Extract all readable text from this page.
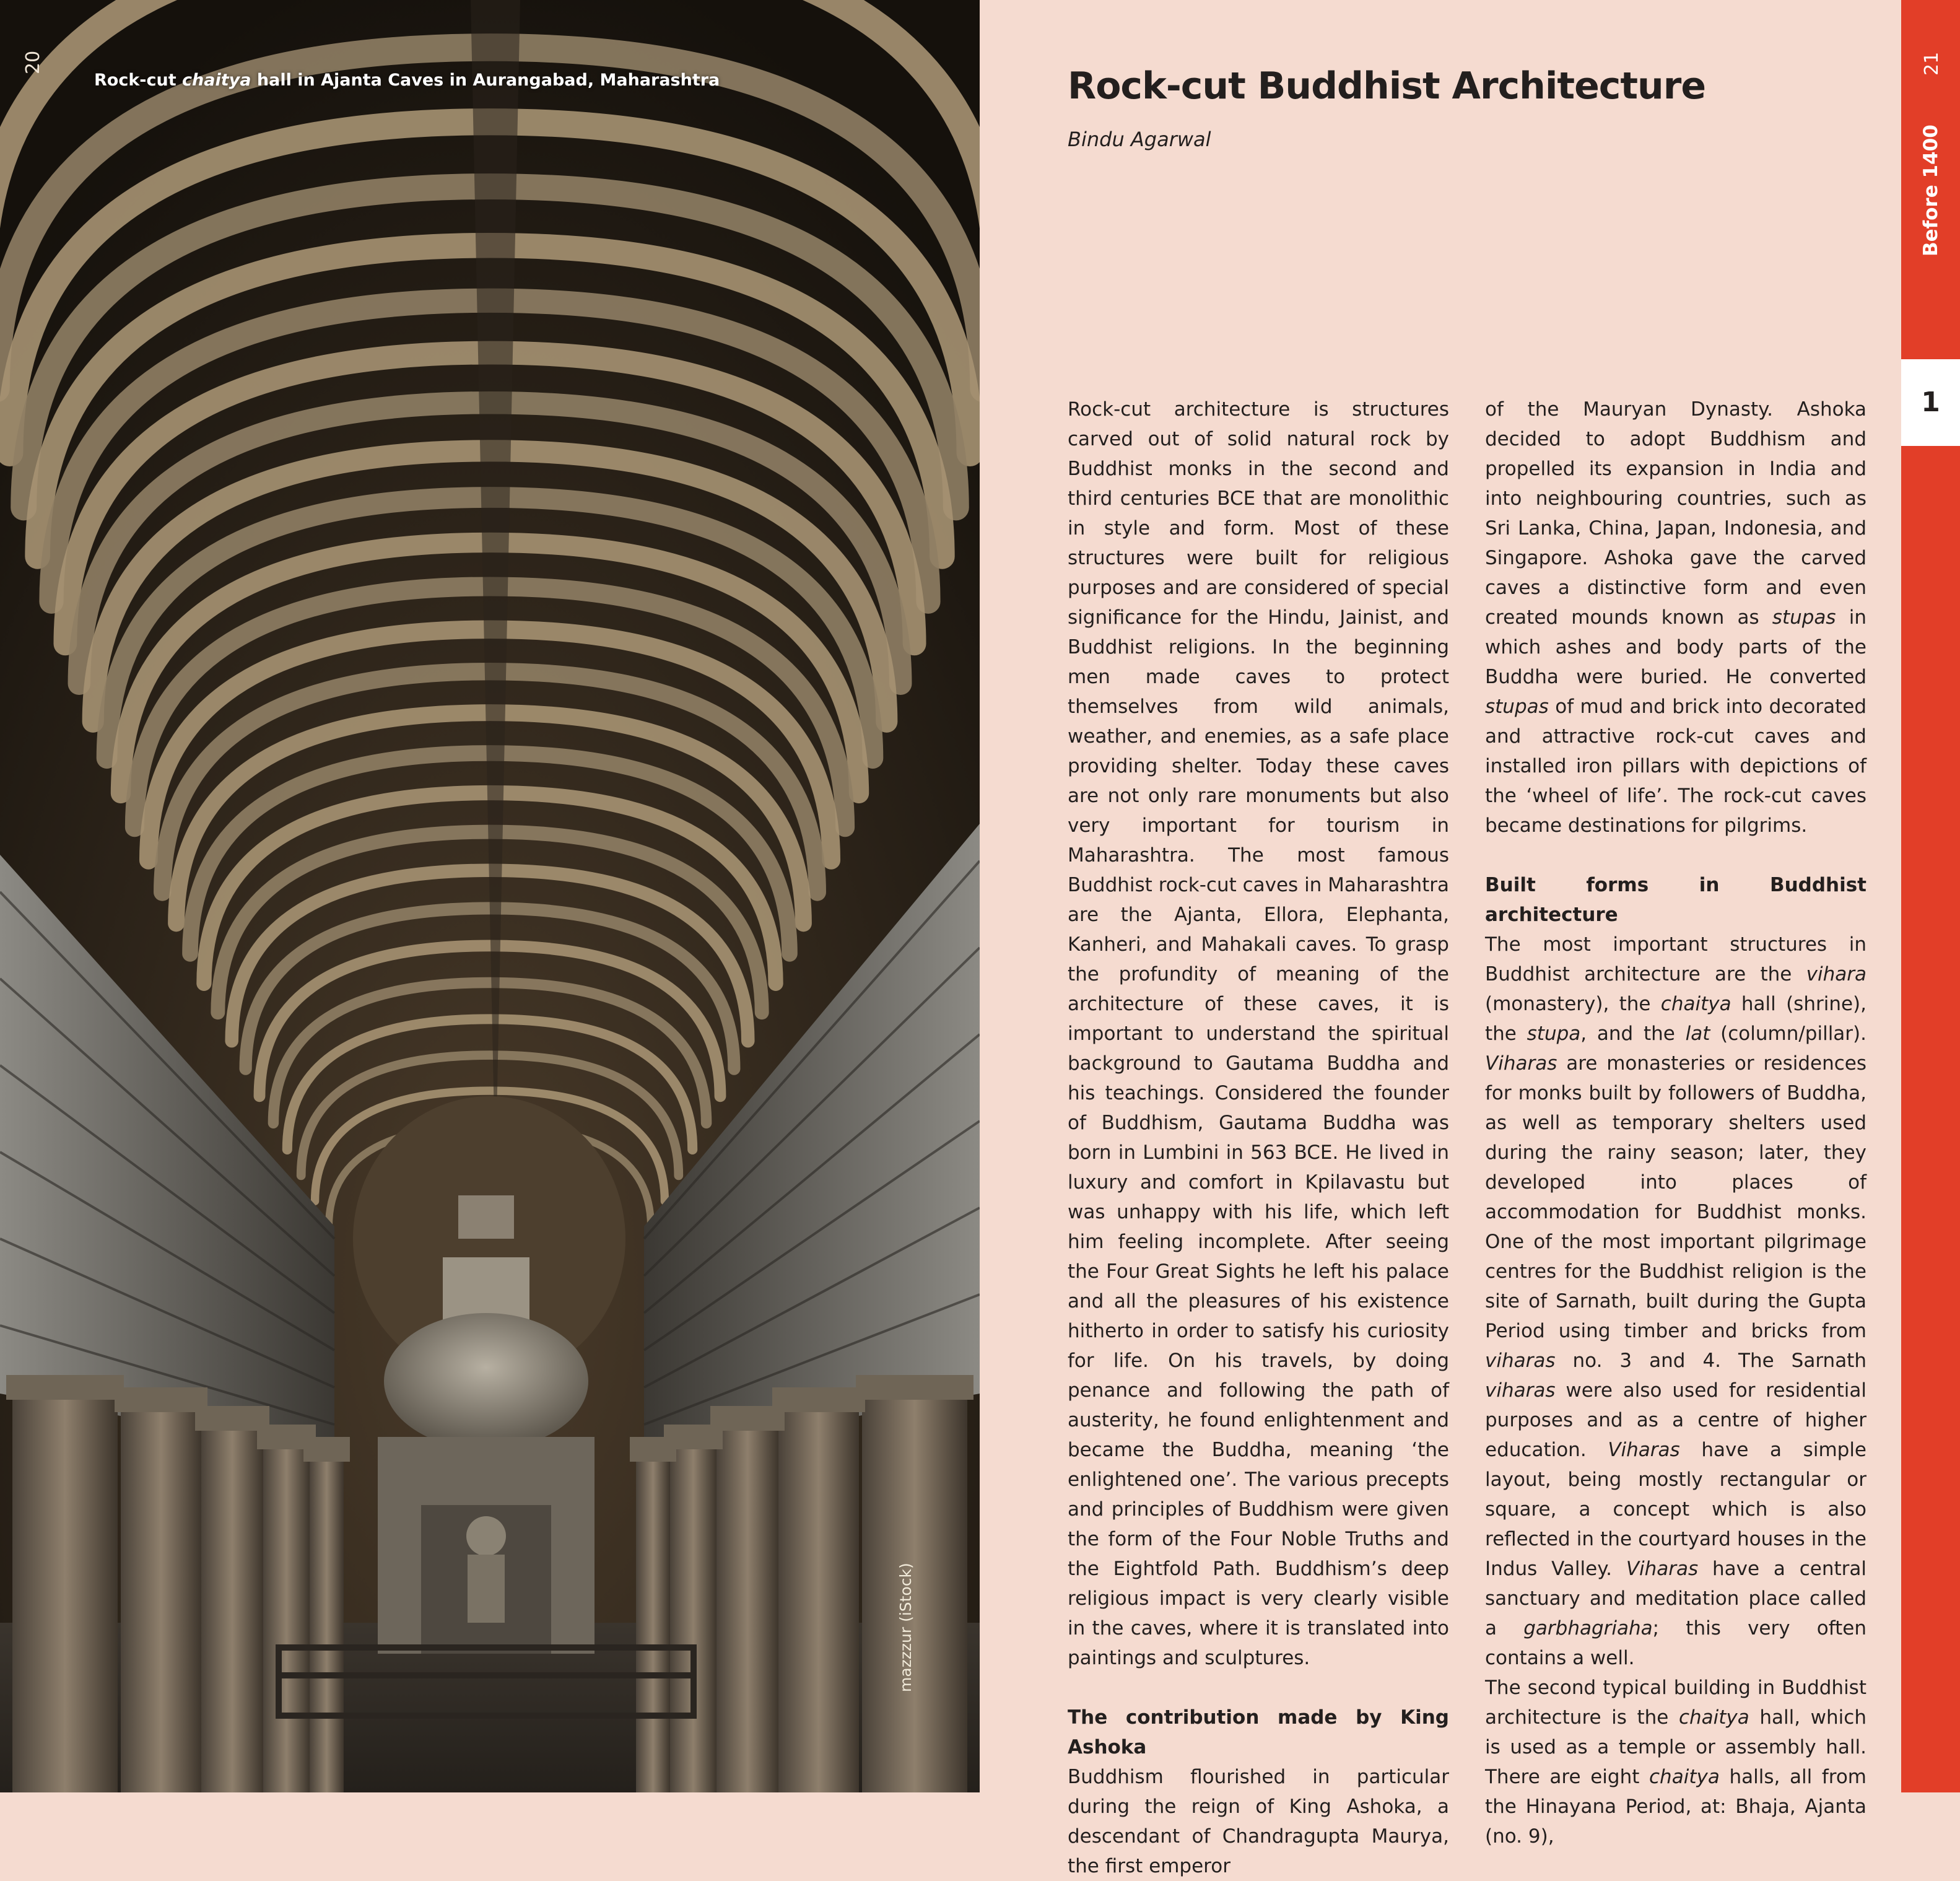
20
Rock-cut chaitya hall in Ajanta Caves in Aurangabad, Maharashtra
mazzzur (iStock)
Rock-cut Buddhist Architecture
Bindu Agarwal

Rock-cut architecture is structures carved out of solid natural rock by Buddhist monks in the second and third centuries BCE that are monolithic in style and form. Most of these structures were built for religious purposes and are considered of special significance for the Hindu, Jainist, and Buddhist religions. In the beginning men made caves to protect themselves from wild animals, weather, and enemies, as a safe place providing shelter. Today these caves are not only rare monuments but also very important for tourism in Maharashtra. The most famous Buddhist rock-cut caves in Maharashtra are the Ajanta, Ellora, Elephanta, Kanheri, and Mahakali caves. To grasp the profundity of meaning of the architecture of these caves, it is important to understand the spiritual background to Gautama Buddha and his teachings. Considered the founder of Buddhism, Gautama Buddha was born in Lumbini in 563 BCE. He lived in luxury and comfort in Kpilavastu but was unhappy with his life, which left him feeling incomplete. After seeing the Four Great Sights he left his palace and all the pleasures of his existence hitherto in order to satisfy his curiosity for life. On his travels, by doing penance and following the path of austerity, he found enlightenment and became the Buddha, meaning ‘the enlightened one’. The various precepts and principles of Buddhism were given the form of the Four Noble Truths and the Eightfold Path. Buddhism’s deep religious impact is very clearly visible in the caves, where it is translated into paintings and sculptures.

The contribution made by King Ashoka

Buddhism flourished in particular during the reign of King Ashoka, a descendant of Chandragupta Maurya, the first emperor

of the Mauryan Dynasty. Ashoka decided to adopt Buddhism and propelled its expansion in India and into neighbouring countries, such as Sri Lanka, China, Japan, Indonesia, and Singapore. Ashoka gave the carved caves a distinctive form and even created mounds known as stupas in which ashes and body parts of the Buddha were buried. He converted stupas of mud and brick into decorated and attractive rock-cut caves and installed iron pillars with depictions of the ‘wheel of life’. The rock-cut caves became destinations for pilgrims.

Built forms in Buddhist architecture

The most important structures in Buddhist architecture are the vihara (monastery), the chaitya hall (shrine), the stupa, and the lat (column/pillar). Viharas are monasteries or residences for monks built by followers of Buddha, as well as temporary shelters used during the rainy season; later, they developed into places of accommodation for Buddhist monks. One of the most important pilgrimage centres for the Buddhist religion is the site of Sarnath, built during the Gupta Period using timber and bricks from viharas no. 3 and 4. The Sarnath viharas were also used for residential purposes and as a centre of higher education. Viharas have a simple layout, being mostly rectangular or square, a concept which is also reflected in the courtyard houses in the Indus Valley. Viharas have a central sanctuary and meditation place called a garbhagriaha; this very often contains a well.

The second typical building in Buddhist architecture is the chaitya hall, which is used as a temple or assembly hall. There are eight chaitya halls, all from the Hinayana Period, at: Bhaja, Ajanta (no. 9),

21
Before 1400
1
